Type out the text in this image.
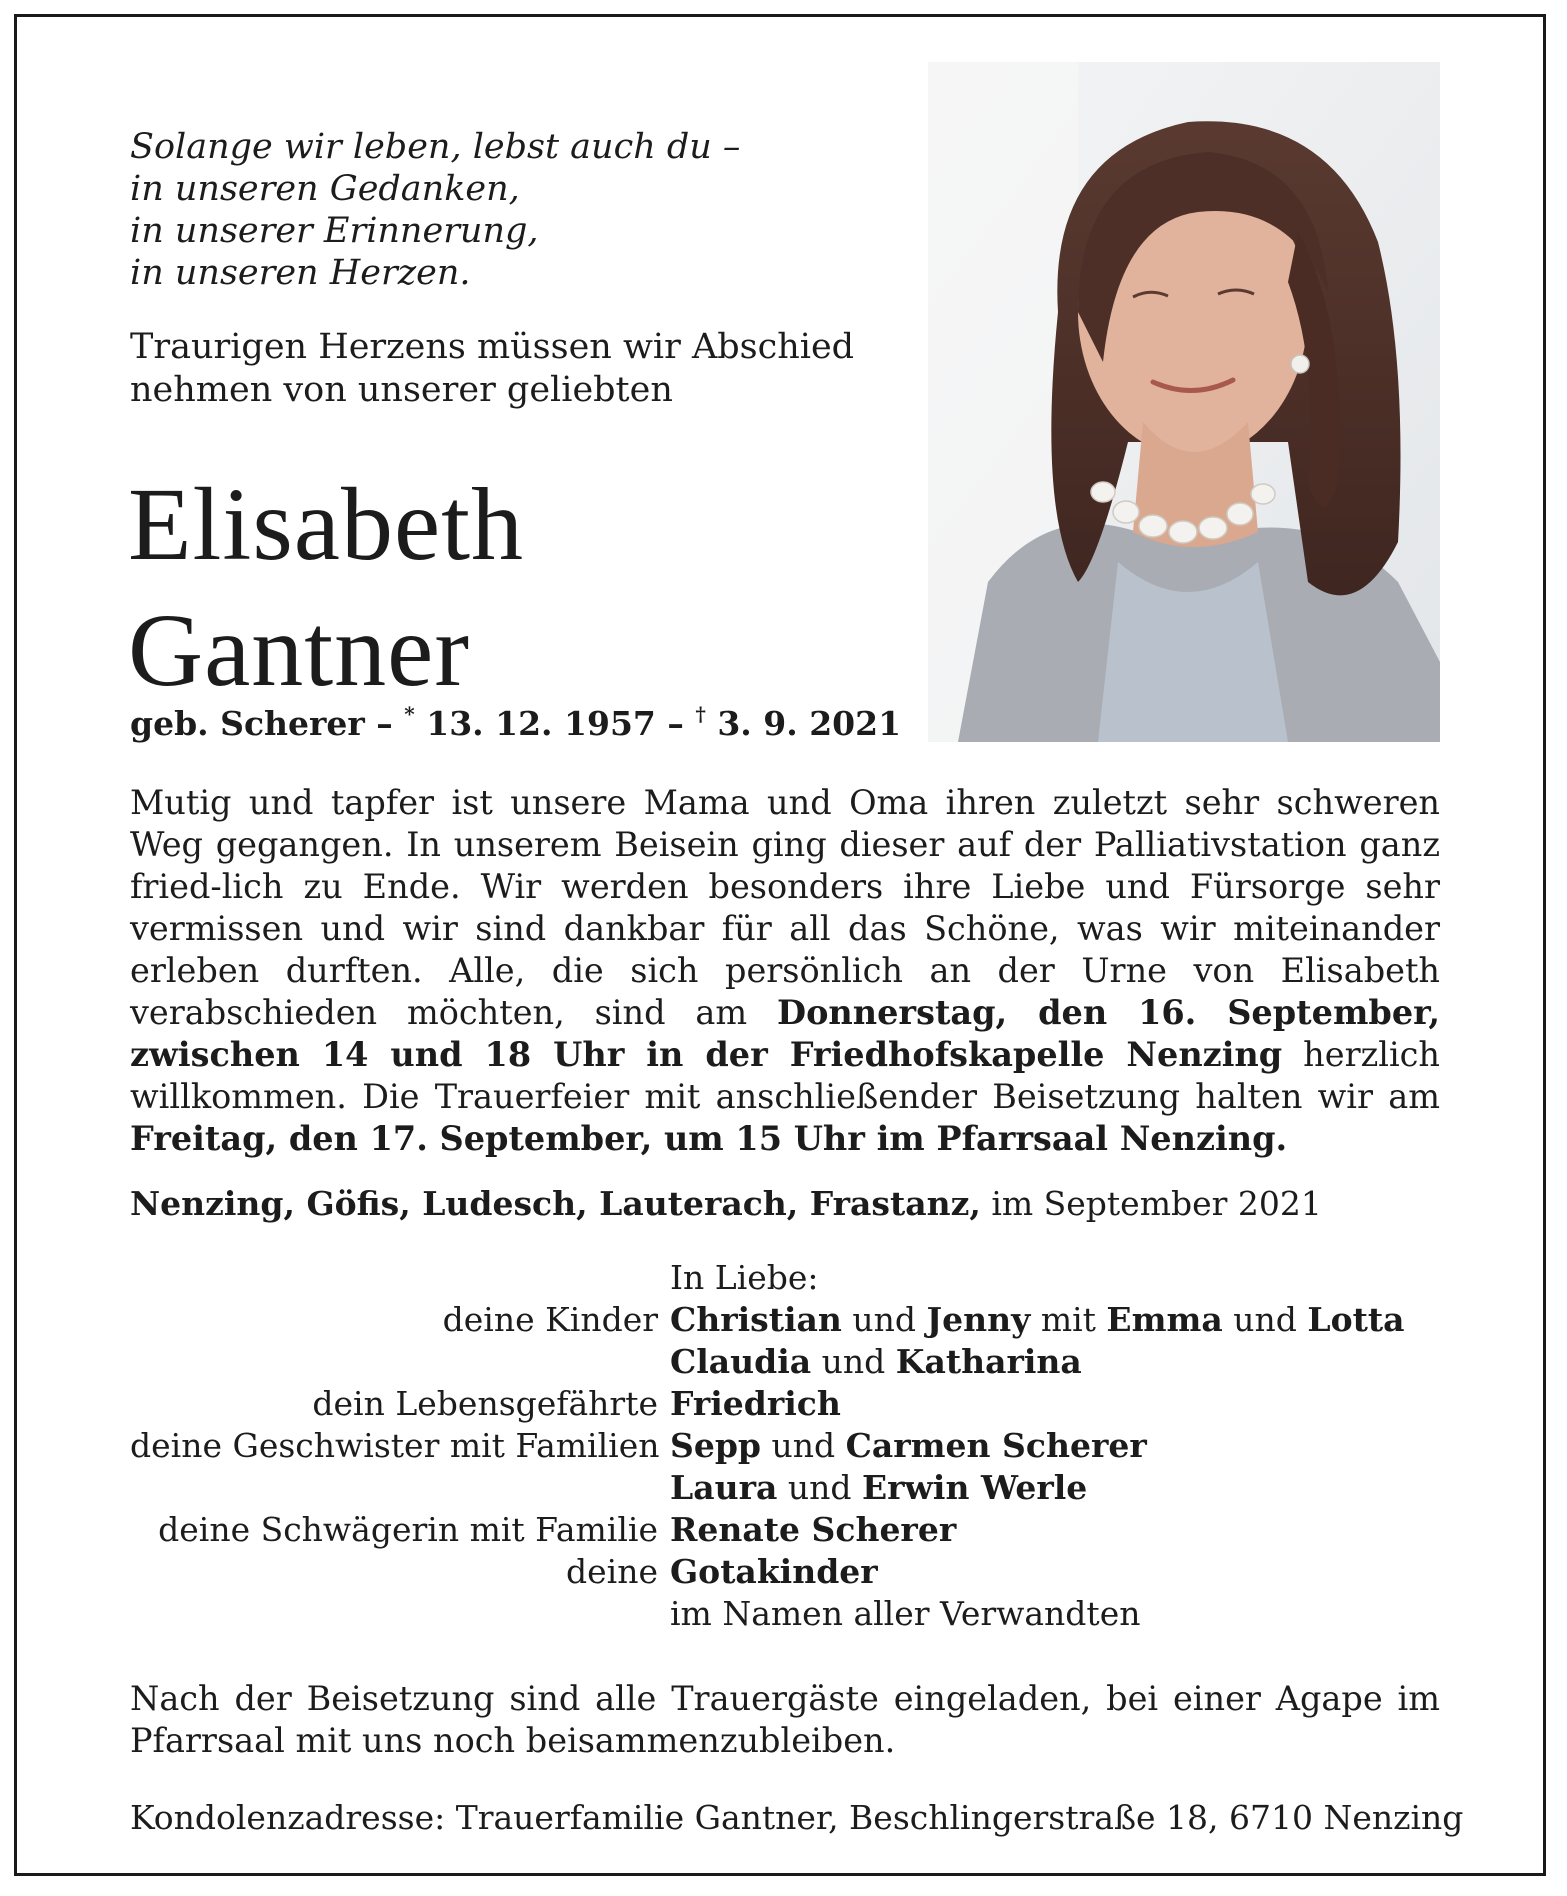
Solange wir leben, lebst auch du –
in unseren Gedanken,
in unserer Erinnerung,
in unseren Herzen.
Traurigen Herzens müssen wir Abschied
nehmen von unserer geliebten
Elisabeth
Gantner
geb. Scherer – * 13. 12. 1957 – † 3. 9. 2021
Mutig und tapfer ist unsere Mama und Oma ihren zuletzt sehr schweren Weg gegangen. In unserem Beisein ging dieser auf der Palliativstation ganz fried-lich zu Ende. Wir werden besonders ihre Liebe und Fürsorge sehr vermissen und wir sind dankbar für all das Schöne, was wir miteinander erleben durften. Alle, die sich persönlich an der Urne von Elisabeth verabschieden möchten, sind am Donnerstag, den 16. September, zwischen 14 und 18 Uhr in der Friedhofskapelle Nenzing herzlich willkommen. Die Trauerfeier mit anschließender Beisetzung halten wir am Freitag, den 17. September, um 15 Uhr im Pfarrsaal Nenzing.
Nenzing, Göfis, Ludesch, Lauterach, Frastanz, im September 2021
In Liebe:
deine Kinder Christian und Jenny mit Emma und Lotta
Claudia und Katharina
dein Lebensgefährte Friedrich
deine Geschwister mit Familien Sepp und Carmen Scherer
Laura und Erwin Werle
deine Schwägerin mit Familie Renate Scherer
deine Gotakinder
im Namen aller Verwandten
Nach der Beisetzung sind alle Trauergäste eingeladen, bei einer Agape im Pfarrsaal mit uns noch beisammenzubleiben.
Kondolenzadresse: Trauerfamilie Gantner, Beschlingerstraße 18, 6710 Nenzing
